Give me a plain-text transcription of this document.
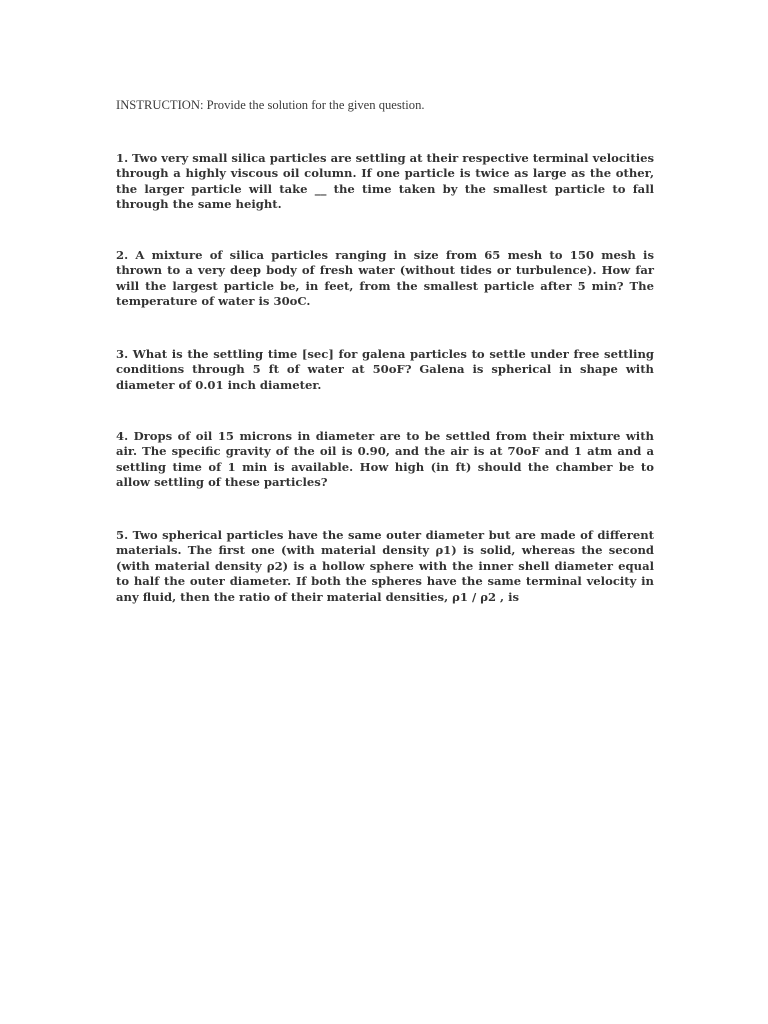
INSTRUCTION: Provide the solution for the given question.
1. Two very small silica particles are settling at their respective terminal velocities through a highly viscous oil column. If one particle is twice as large as the other, the larger particle will take __ the time taken by the smallest particle to fall through the same height.
2. A mixture of silica particles ranging in size from 65 mesh to 150 mesh is thrown to a very deep body of fresh water (without tides or turbulence). How far will the largest particle be, in feet, from the smallest particle after 5 min? The temperature of water is 30oC.
3. What is the settling time [sec] for galena particles to settle under free settling conditions through 5 ft of water at 50oF? Galena is spherical in shape with diameter of 0.01 inch diameter.
4. Drops of oil 15 microns in diameter are to be settled from their mixture with air. The specific gravity of the oil is 0.90, and the air is at 70oF and 1 atm and a settling time of 1 min is available. How high (in ft) should the chamber be to allow settling of these particles?
5. Two spherical particles have the same outer diameter but are made of different materials. The first one (with material density ρ1) is solid, whereas the second (with material density ρ2) is a hollow sphere with the inner shell diameter equal to half the outer diameter. If both the spheres have the same terminal velocity in any fluid, then the ratio of their material densities, ρ1 / ρ2 , is
